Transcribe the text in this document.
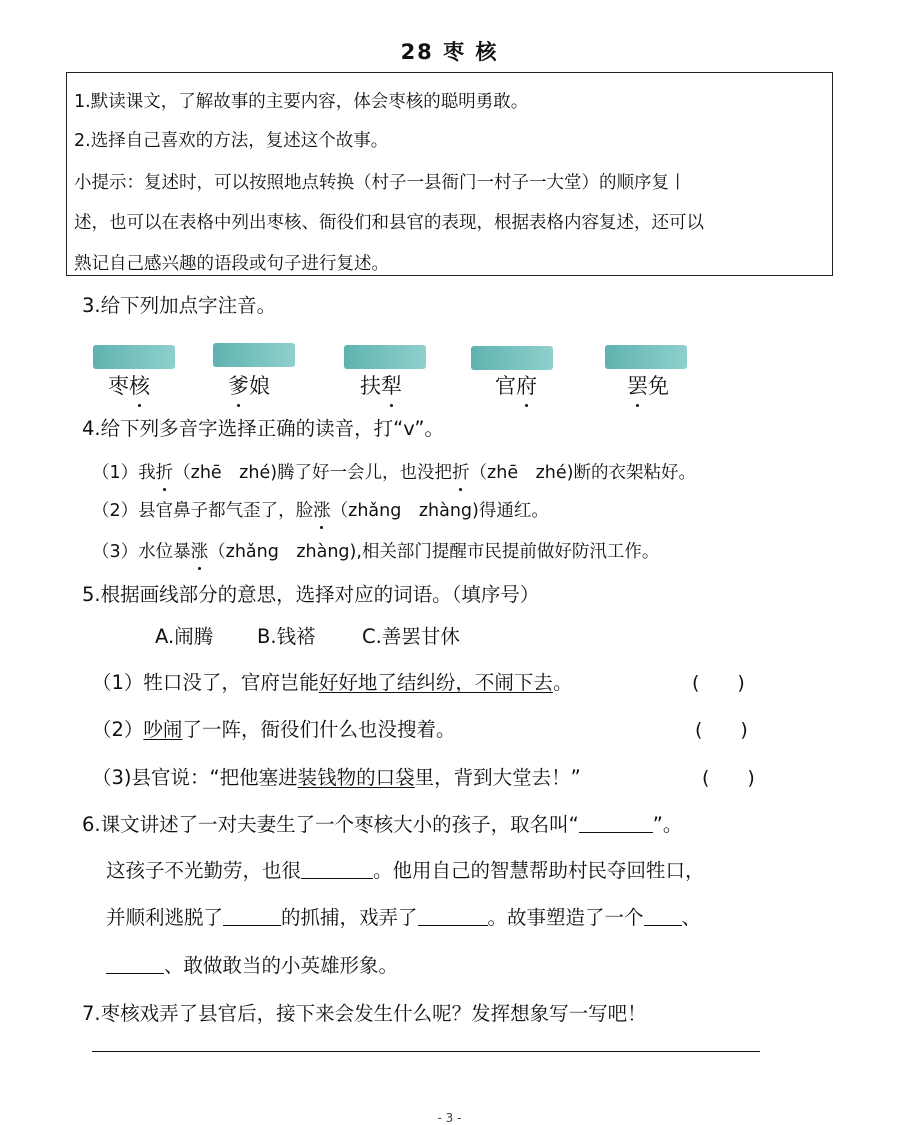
28 枣 核
1.默读课文，了解故事的主要内容，体会枣核的聪明勇敢。
2.选择自己喜欢的方法，复述这个故事。
小提示：复述时，可以按照地点转换（村子一县衙门一村子一大堂）的顺序复丨
述，也可以在表格中列出枣核、衙役们和县官的表现，根据表格内容复述，还可以
熟记自己感兴趣的语段或句子进行复述。
3.给下列加点字注音。
枣核	爹娘	扶犁	官府	罢免
4.给下列多音字选择正确的读音，打“v”。
（1）我折（zhē　zhé)腾了好一会儿，也没把折（zhē　zhé)断的衣架粘好。
（2）县官鼻子都气歪了，脸涨（zhǎng　zhàng)得通红。
（3）水位暴涨（zhǎng　zhàng),相关部门提醒市民提前做好防汛工作。
5.根据画线部分的意思，选择对应的词语。（填序号）
A.闹腾 B.钱褡 C.善罢甘休
（1）牲口没了，官府岂能好好地了结纠纷，不闹下去。	(　　)
（2）吵闹了一阵，衙役们什么也没搜着。	(　　)
（3)县官说：“把他塞进装钱物的口袋里，背到大堂去！”	(　　)
6.课文讲述了一对夫妻生了一个枣核大小的孩子，取名叫“	”。
这孩子不光勤劳，也很	。他用自己的智慧帮助村民夺回牲口，
并顺利逃脱了	的抓捕，戏弄了	。故事塑造了一个 、
、敢做敢当的小英雄形象。
7.枣核戏弄了县官后，接下来会发生什么呢？发挥想象写一写吧！
- 3 -
